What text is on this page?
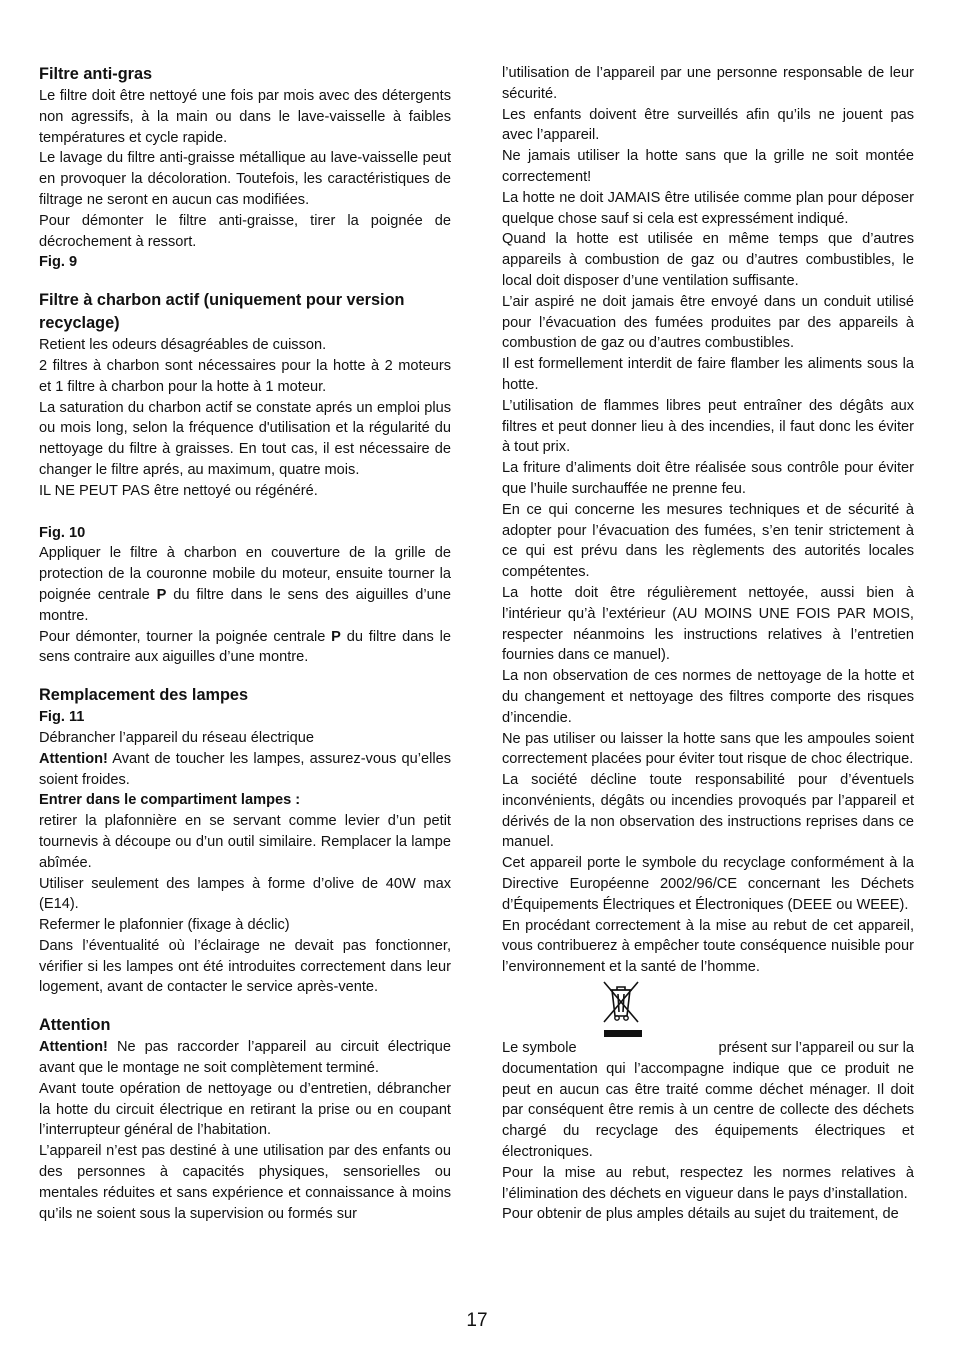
Filtre anti-gras

Le filtre doit être nettoyé une fois par mois avec des détergents non agressifs, à la main ou dans le lave-vaisselle à faibles températures et cycle rapide.

Le lavage du filtre anti-graisse métallique au lave-vaisselle peut en provoquer la décoloration. Toutefois, les caractéristiques de filtrage ne seront en aucun cas modifiées.

Pour démonter le filtre anti-graisse, tirer la poignée de décrochement à ressort.

Fig. 9

Filtre à charbon actif (uniquement pour version recyclage)

Retient les odeurs désagréables de cuisson.

2 filtres à charbon sont nécessaires pour la hotte à 2 moteurs et 1 filtre à charbon pour la hotte à 1 moteur.

La saturation du charbon actif se constate aprés un emploi plus ou mois long, selon la fréquence d'utilisation et la régularité du nettoyage du filtre à graisses. En tout cas, il est nécessaire de changer le filtre aprés, au maximum, quatre mois.

IL NE PEUT PAS être nettoyé ou régénéré.

Fig. 10

Appliquer le filtre à charbon en couverture de la grille de protection de la couronne mobile du moteur, ensuite tourner la poignée centrale P du filtre dans le sens des aiguilles d’une montre.

Pour démonter, tourner la poignée centrale P du filtre dans le sens contraire aux aiguilles d’une montre.

Remplacement des lampes

Fig. 11

Débrancher l’appareil du réseau électrique

Attention! Avant de toucher les lampes, assurez-vous qu’elles soient froides.

Entrer dans le compartiment lampes :

retirer la plafonnière en se servant comme levier d’un petit tournevis à découpe ou d’un outil similaire. Remplacer la lampe abîmée.

Utiliser seulement des lampes à forme d’olive de 40W max (E14).

Refermer le plafonnier (fixage à déclic)

Dans l’éventualité où l’éclairage ne devait pas fonctionner, vérifier si les lampes ont été introduites correctement dans leur logement, avant de contacter le service après-vente.

Attention

Attention! Ne pas raccorder l’appareil au circuit électrique avant que le montage ne soit complètement terminé.

Avant toute opération de nettoyage ou d’entretien, débrancher la hotte du circuit électrique en retirant la prise ou en coupant l’interrupteur général de l’habitation.

L’appareil n’est pas destiné à une utilisation par des enfants ou des personnes à capacités physiques, sensorielles ou mentales réduites et sans expérience et connaissance à moins qu’ils ne soient sous la supervision ou formés sur

l’utilisation de l’appareil par une personne responsable de leur sécurité.

Les enfants doivent être surveillés afin qu’ils ne jouent pas avec l’appareil.

Ne jamais utiliser la hotte sans que la grille ne soit montée correctement!

La hotte ne doit JAMAIS être utilisée comme plan pour déposer quelque chose sauf si cela est expressément indiqué.

Quand la hotte est utilisée en même temps que d’autres appareils à combustion de gaz ou d’autres combustibles, le local doit disposer d’une ventilation suffisante.

L’air aspiré ne doit jamais être envoyé dans un conduit utilisé pour l’évacuation des fumées produites par des appareils à combustion de gaz ou d’autres combustibles.

Il est formellement interdit de faire flamber les aliments sous la hotte.

L’utilisation de flammes libres peut entraîner des dégâts aux filtres et peut donner lieu à des incendies, il faut donc les éviter à tout prix.

La friture d’aliments doit être réalisée sous contrôle pour éviter que l’huile surchauffée ne prenne feu.

En ce qui concerne les mesures techniques et de sécurité à adopter pour l’évacuation des fumées, s’en tenir strictement à ce qui est prévu dans les règlements des autorités locales compétentes.

La hotte doit être régulièrement nettoyée, aussi bien à l’intérieur qu’à l’extérieur (AU MOINS UNE FOIS PAR MOIS, respecter néanmoins les instructions relatives à l’entretien fournies dans ce manuel).

La non observation de ces normes de nettoyage de la hotte et du changement et nettoyage des filtres comporte des risques d’incendie.

Ne pas utiliser ou laisser la hotte sans que les ampoules soient correctement placées pour éviter tout risque de choc électrique.

La société décline toute responsabilité pour d’éventuels inconvénients, dégâts ou incendies provoqués par l’appareil et dérivés de la non observation des instructions reprises dans ce manuel.

Cet appareil porte le symbole du recyclage conformément à la Directive Européenne 2002/96/CE concernant les Déchets d’Équipements Électriques et Électroniques (DEEE ou WEEE).

En procédant correctement à la mise au rebut de cet appareil, vous contribuerez à empêcher toute conséquence nuisible pour l’environnement et la santé de l’homme.

Le symbole	présent sur l’appareil ou sur la

documentation qui l’accompagne indique que ce produit ne peut en aucun cas être traité comme déchet ménager. Il doit par conséquent être remis à un centre de collecte des déchets chargé du recyclage des équipements électriques et électroniques.

Pour la mise au rebut, respectez les normes relatives à l’élimination des déchets en vigueur dans le pays d’installation.

Pour obtenir de plus amples détails au sujet du traitement, de

17
